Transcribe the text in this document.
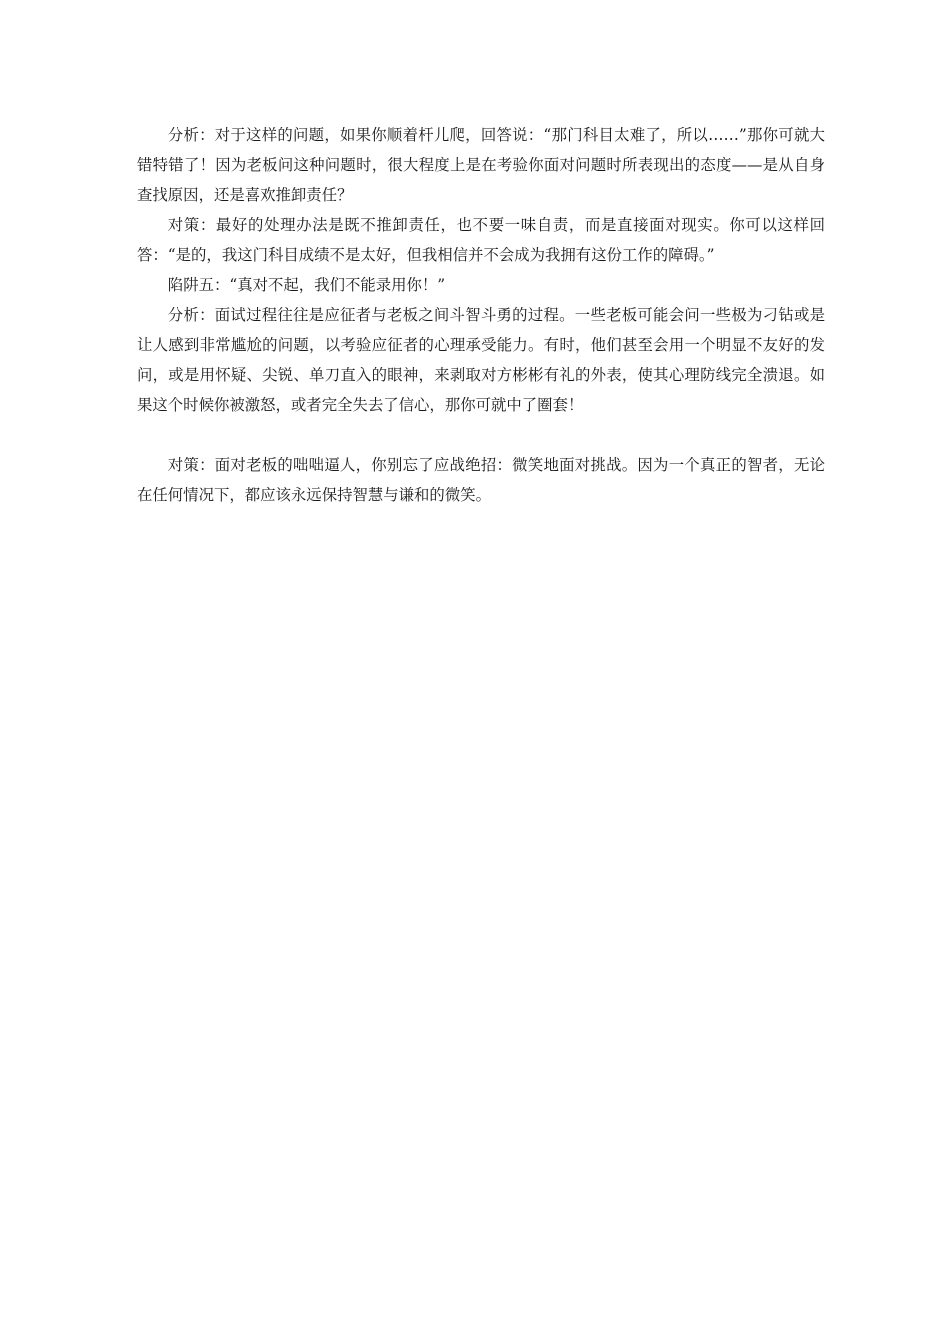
分析：对于这样的问题，如果你顺着杆儿爬，回答说：“那门科目太难了，所以……”那你可就大错特错了！因为老板问这种问题时，很大程度上是在考验你面对问题时所表现出的态度——是从自身查找原因，还是喜欢推卸责任？

对策：最好的处理办法是既不推卸责任，也不要一味自责，而是直接面对现实。你可以这样回答：“是的，我这门科目成绩不是太好，但我相信并不会成为我拥有这份工作的障碍。”

陷阱五：“真对不起，我们不能录用你！”

分析：面试过程往往是应征者与老板之间斗智斗勇的过程。一些老板可能会问一些极为刁钻或是让人感到非常尴尬的问题，以考验应征者的心理承受能力。有时，他们甚至会用一个明显不友好的发问，或是用怀疑、尖锐、单刀直入的眼神，来剥取对方彬彬有礼的外表，使其心理防线完全溃退。如果这个时候你被激怒，或者完全失去了信心，那你可就中了圈套！

对策：面对老板的咄咄逼人，你别忘了应战绝招：微笑地面对挑战。因为一个真正的智者，无论在任何情况下，都应该永远保持智慧与谦和的微笑。
